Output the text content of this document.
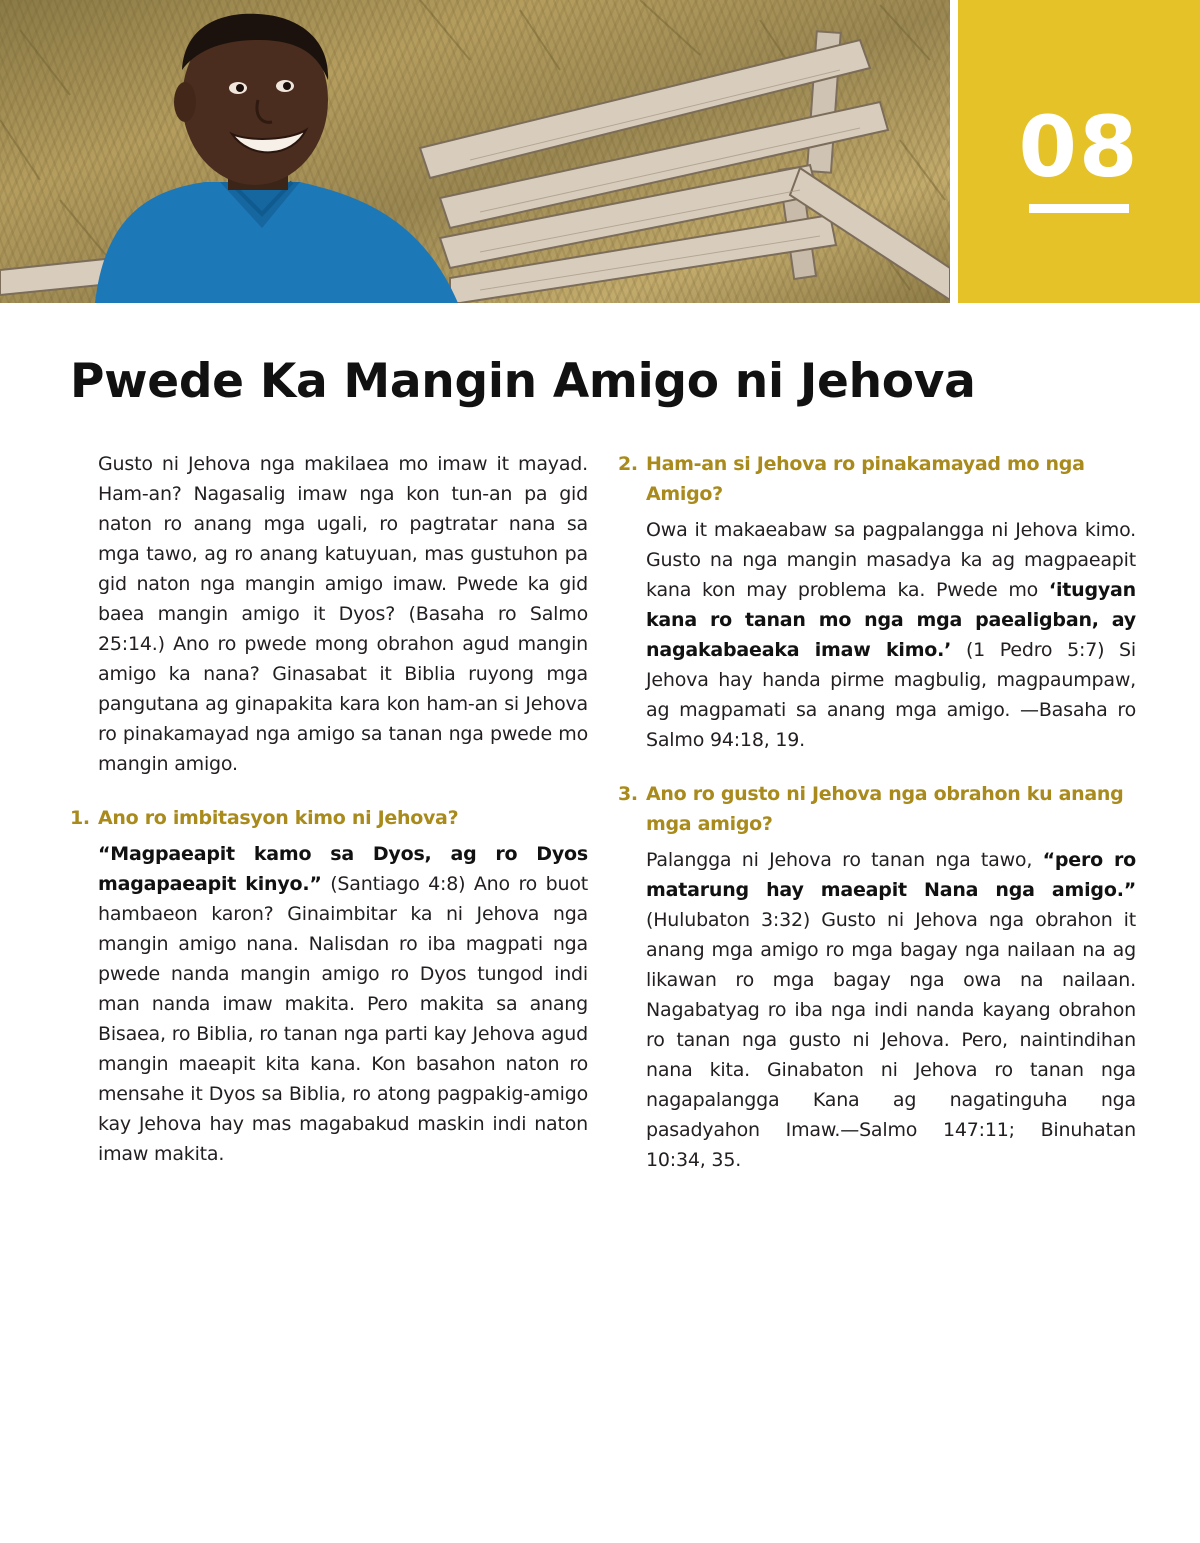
08
Pwede Ka Mangin Amigo ni Jehova

Gusto ni Jehova nga makilaea mo imaw it mayad. Ham-an? Nagasalig imaw nga kon tun-an pa gid naton ro anang mga ugali, ro pagtratar nana sa mga tawo, ag ro anang katuyuan, mas gustuhon pa gid naton nga mangin amigo imaw. Pwede ka gid baea mangin amigo it Dyos? (Basaha ro Salmo 25:14.) Ano ro pwede mong obrahon agud mangin amigo ka nana? Ginasabat it Biblia ruyong mga pangutana ag ginapakita kara kon ham-an si Jehova ro pinakamayad nga amigo sa tanan nga pwede mo mangin amigo.

1. Ano ro imbitasyon kimo ni Jehova?

“Magpaeapit kamo sa Dyos, ag ro Dyos magapaeapit kinyo.” (Santiago 4:8) Ano ro buot hambaeon karon? Ginaimbitar ka ni Jehova nga mangin amigo nana. Nalisdan ro iba magpati nga pwede nanda mangin amigo ro Dyos tungod indi man nanda imaw makita. Pero makita sa anang Bisaea, ro Biblia, ro tanan nga parti kay Jehova agud mangin maeapit kita kana. Kon basahon naton ro mensahe it Dyos sa Biblia, ro atong pagpakig-amigo kay Jehova hay mas magabakud maskin indi naton imaw makita.

2. Ham-an si Jehova ro pinakamayad mo nga Amigo?

Owa it makaeabaw sa pagpalangga ni Jehova kimo. Gusto na nga mangin masadya ka ag magpaeapit kana kon may problema ka. Pwede mo ‘itugyan kana ro tanan mo nga mga paealigban, ay nagakabaeaka imaw kimo.’ (1 Pedro 5:7) Si Jehova hay handa pirme magbulig, magpaumpaw, ag magpamati sa anang mga amigo. —Basaha ro Salmo 94:18, 19.

3. Ano ro gusto ni Jehova nga obrahon ku anang mga amigo?

Palangga ni Jehova ro tanan nga tawo, “pero ro matarung hay maeapit Nana nga amigo.” (Hulubaton 3:32) Gusto ni Jehova nga obrahon it anang mga amigo ro mga bagay nga nailaan na ag likawan ro mga bagay nga owa na nailaan. Nagabatyag ro iba nga indi nanda kayang obrahon ro tanan nga gusto ni Jehova. Pero, naintindihan nana kita. Ginabaton ni Jehova ro tanan nga nagapalangga Kana ag nagatinguha nga pasadyahon Imaw.—Salmo 147:11; Binuhatan 10:34, 35.
